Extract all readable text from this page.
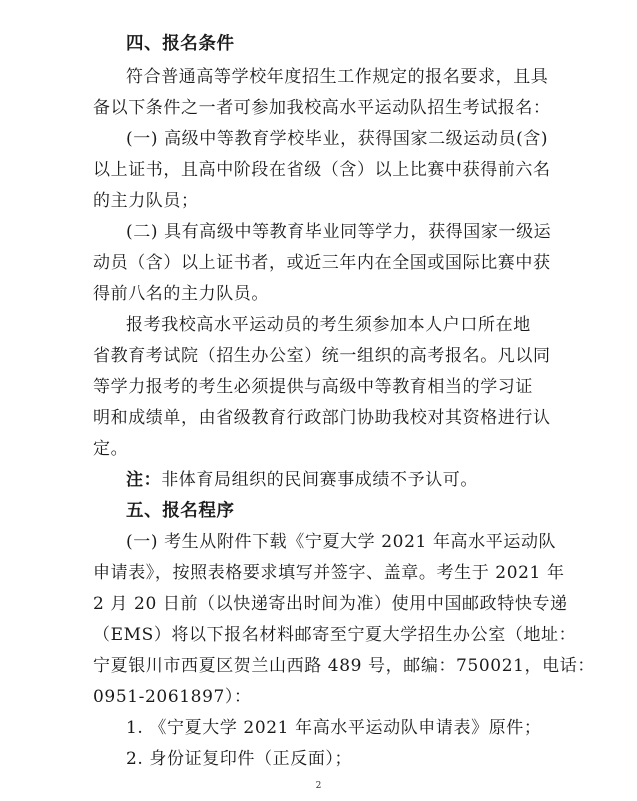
四、报名条件
符合普通高等学校年度招生工作规定的报名要求，且具
备以下条件之一者可参加我校高水平运动队招生考试报名：
(一) 高级中等教育学校毕业，获得国家二级运动员(含)
以上证书，且高中阶段在省级（含）以上比赛中获得前六名
的主力队员；
(二) 具有高级中等教育毕业同等学力，获得国家一级运
动员（含）以上证书者，或近三年内在全国或国际比赛中获
得前八名的主力队员。
报考我校高水平运动员的考生须参加本人户口所在地
省教育考试院（招生办公室）统一组织的高考报名。凡以同
等学力报考的考生必须提供与高级中等教育相当的学习证
明和成绩单，由省级教育行政部门协助我校对其资格进行认
定。
注：非体育局组织的民间赛事成绩不予认可。
五、报名程序
(一) 考生从附件下载《宁夏大学 2021 年高水平运动队
申请表》，按照表格要求填写并签字、盖章。考生于 2021 年
2 月 20 日前（以快递寄出时间为准）使用中国邮政特快专递
（EMS）将以下报名材料邮寄至宁夏大学招生办公室（地址：
宁夏银川市西夏区贺兰山西路 489 号，邮编：750021，电话：
0951-2061897）：
1. 《宁夏大学 2021 年高水平运动队申请表》原件；
2. 身份证复印件（正反面）；
2
